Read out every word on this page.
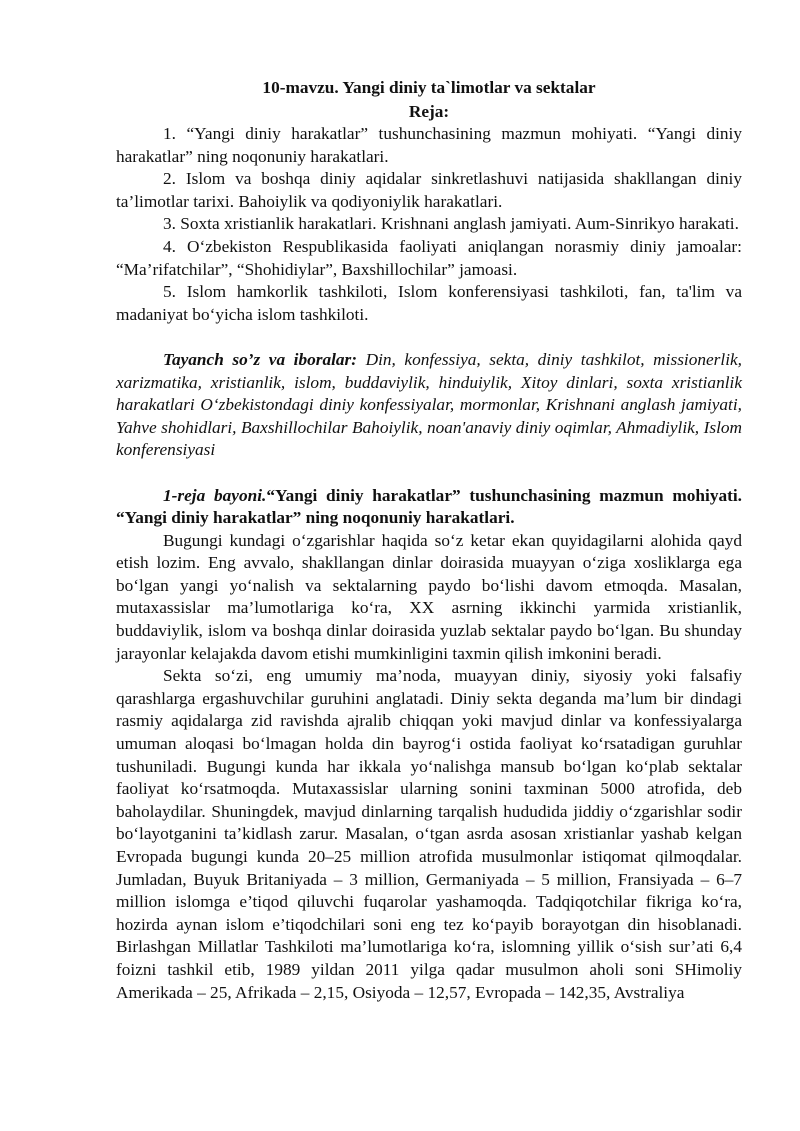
10-mavzu. Yangi diniy ta`limotlar va sektalar

Reja:

1. “Yangi diniy harakatlar” tushunchasining mazmun mohiyati. “Yangi diniy harakatlar” ning noqonuniy harakatlari.

2. Islom va boshqa diniy aqidalar sinkretlashuvi natijasida shakllangan diniy ta’limotlar tarixi. Bahoiylik va qodiyoniylik harakatlari.

3. Soxta xristianlik harakatlari. Krishnani anglash jamiyati. Aum-Sinrikyo harakati.

4. O‘zbekiston Respublikasida faoliyati aniqlangan norasmiy diniy jamoalar: “Ma’rifatchilar”, “Shohidiylar”, Baxshillochilar” jamoasi.

5. Islom hamkorlik tashkiloti, Islom konferensiyasi tashkiloti, fan, ta'lim va madaniyat bo‘yicha islom tashkiloti.

Tayanch so’z va iboralar: Din, konfessiya, sekta, diniy tashkilot, missionerlik, xarizmatika, xristianlik, islom, buddaviylik, hinduiylik, Xitoy dinlari, soxta xristianlik harakatlari O‘zbekistondagi diniy konfessiyalar, mormonlar, Krishnani anglash jamiyati, Yahve shohidlari, Baxshillochilar Bahoiylik, noan'anaviy diniy oqimlar, Ahmadiylik, Islom konferensiyasi

1-reja bayoni.“Yangi diniy harakatlar” tushunchasining mazmun mohiyati. “Yangi diniy harakatlar” ning noqonuniy harakatlari.

Bugungi kundagi o‘zgarishlar haqida so‘z ketar ekan quyidagilarni alohida qayd etish lozim. Eng avvalo, shakllangan dinlar doirasida muayyan o‘ziga xosliklarga ega bo‘lgan yangi yo‘nalish va sektalarning paydo bo‘lishi davom etmoqda. Masalan, mutaxassislar ma’lumotlariga ko‘ra, XX asrning ikkinchi yarmida xristianlik, buddaviylik, islom va boshqa dinlar doirasida yuzlab sektalar paydo bo‘lgan. Bu shunday jarayonlar kelajakda davom etishi mumkinligini taxmin qilish imkonini beradi.

Sekta so‘zi, eng umumiy ma’noda, muayyan diniy, siyosiy yoki falsafiy qarashlarga ergashuvchilar guruhini anglatadi. Diniy sekta deganda ma’lum bir dindagi rasmiy aqidalarga zid ravishda ajralib chiqqan yoki mavjud dinlar va konfessiyalarga umuman aloqasi bo‘lmagan holda din bayrog‘i ostida faoliyat ko‘rsatadigan guruhlar tushuniladi. Bugungi kunda har ikkala yo‘nalishga mansub bo‘lgan ko‘plab sektalar faoliyat ko‘rsatmoqda. Mutaxassislar ularning sonini taxminan 5000 atrofida, deb baholaydilar. Shuningdek, mavjud dinlarning tarqalish hududida jiddiy o‘zgarishlar sodir bo‘layotganini ta’kidlash zarur. Masalan, o‘tgan asrda asosan xristianlar yashab kelgan Evropada bugungi kunda 20–25 million atrofida musulmonlar istiqomat qilmoqdalar. Jumladan, Buyuk Britaniyada – 3 million, Germaniyada – 5 million, Fransiyada – 6–7 million islomga e’tiqod qiluvchi fuqarolar yashamoqda. Tadqiqotchilar fikriga ko‘ra, hozirda aynan islom e’tiqodchilari soni eng tez ko‘payib borayotgan din hisoblanadi. Birlashgan Millatlar Tashkiloti ma’lumotlariga ko‘ra, islomning yillik o‘sish sur’ati 6,4 foizni tashkil etib, 1989 yildan 2011 yilga qadar musulmon aholi soni SHimoliy Amerikada – 25, Afrikada – 2,15, Osiyoda – 12,57, Evropada – 142,35, Avstraliya
